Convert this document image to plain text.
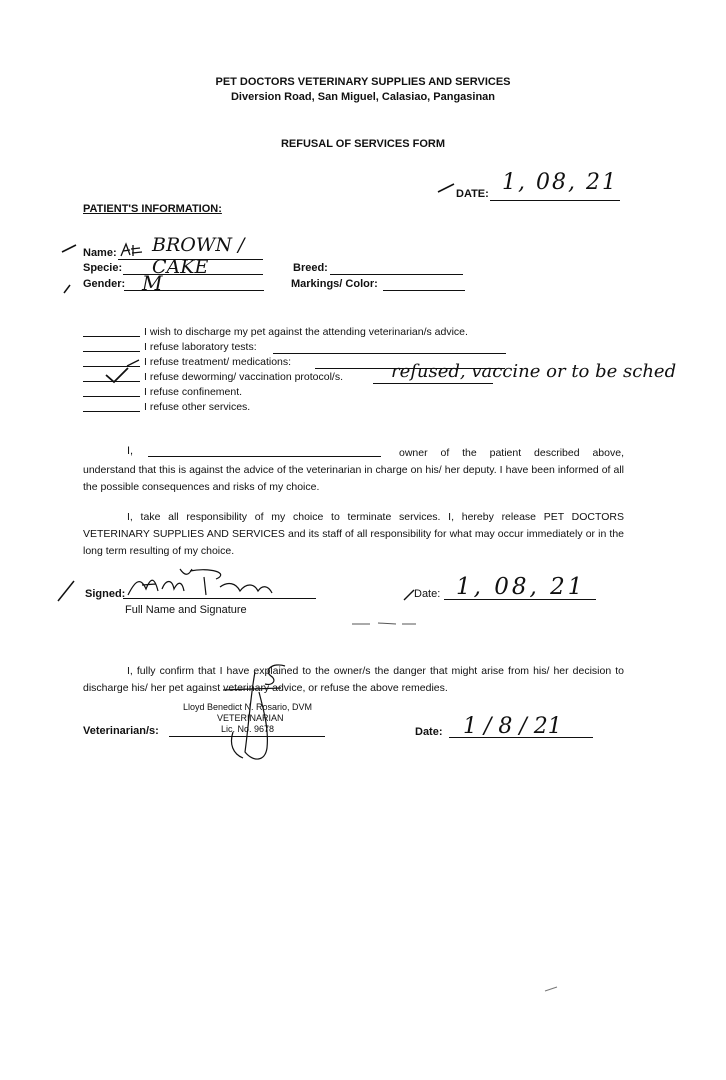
PET DOCTORS VETERINARY SUPPLIES AND SERVICES
Diversion Road, San Miguel, Calasiao, Pangasinan
REFUSAL OF SERVICES FORM
DATE: 1, 08, 21
PATIENT'S INFORMATION:
Name: BROWN / CAKE
Specie:
Gender: M
Breed:
Markings/ Color:
I wish to discharge my pet against the attending veterinarian/s advice.
I refuse laboratory tests:
I refuse treatment/ medications:
I refuse deworming/ vaccination protocol/s.	refused, vaccine or to be sched
I refuse confinement.
I refuse other services.
I,	owner of the patient described above, understand that this is against the advice of the veterinarian in charge on his/ her deputy. I have been informed of all the possible consequences and risks of my choice.
I, take all responsibility of my choice to terminate services. I, hereby release PET DOCTORS VETERINARY SUPPLIES AND SERVICES and its staff of all responsibility for what may occur immediately or in the long term resulting of my choice.
Signed:
Full Name and Signature
Date: 1, 08, 21
I, fully confirm that I have explained to the owner/s the danger that might arise from his/ her decision to discharge his/ her pet against veterinary advice, or refuse the above remedies.
Veterinarian/s:
Lloyd Benedict N. Rosario, DVM
VETERINARIAN
Lic. No. 9678	Date: 1 / 8 / 21
